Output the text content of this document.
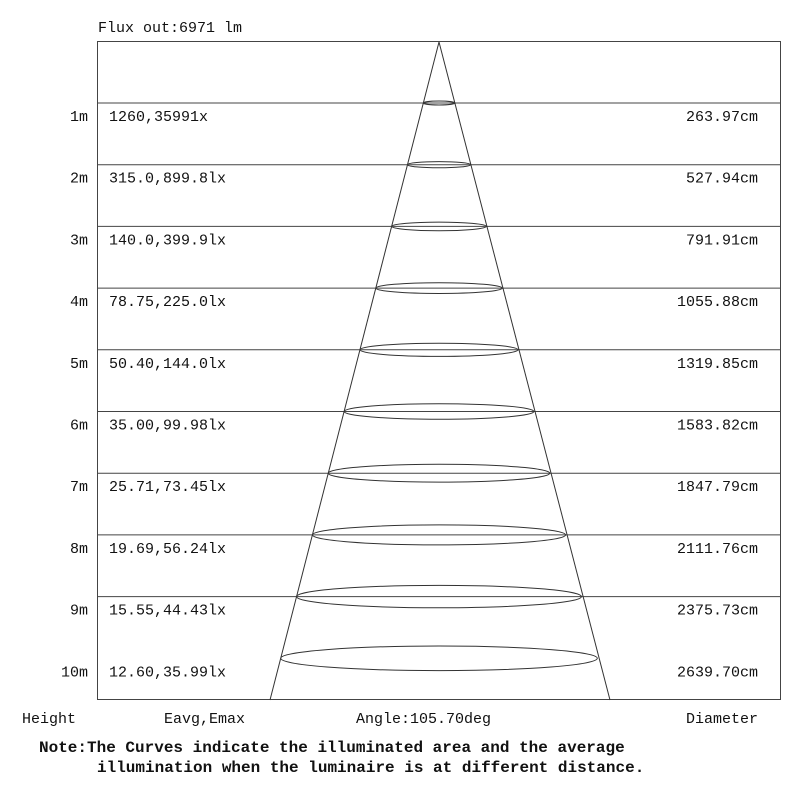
Flux out:6971 lm
1m 1260,35991x	263.97cm
2m 315.0,899.8lx	527.94cm
3m 140.0,399.9lx	791.91cm
4m 78.75,225.0lx	1055.88cm
5m 50.40,144.0lx	1319.85cm
6m 35.00,99.98lx	1583.82cm
7m 25.71,73.45lx	1847.79cm
8m 19.69,56.24lx	2111.76cm
9m 15.55,44.43lx	2375.73cm
10m 12.60,35.99lx	2639.70cm
Height	Eavg,Emax	Angle:105.70deg	Diameter
Note:The Curves indicate the illuminated area and the average
illumination when the luminaire is at different distance.
